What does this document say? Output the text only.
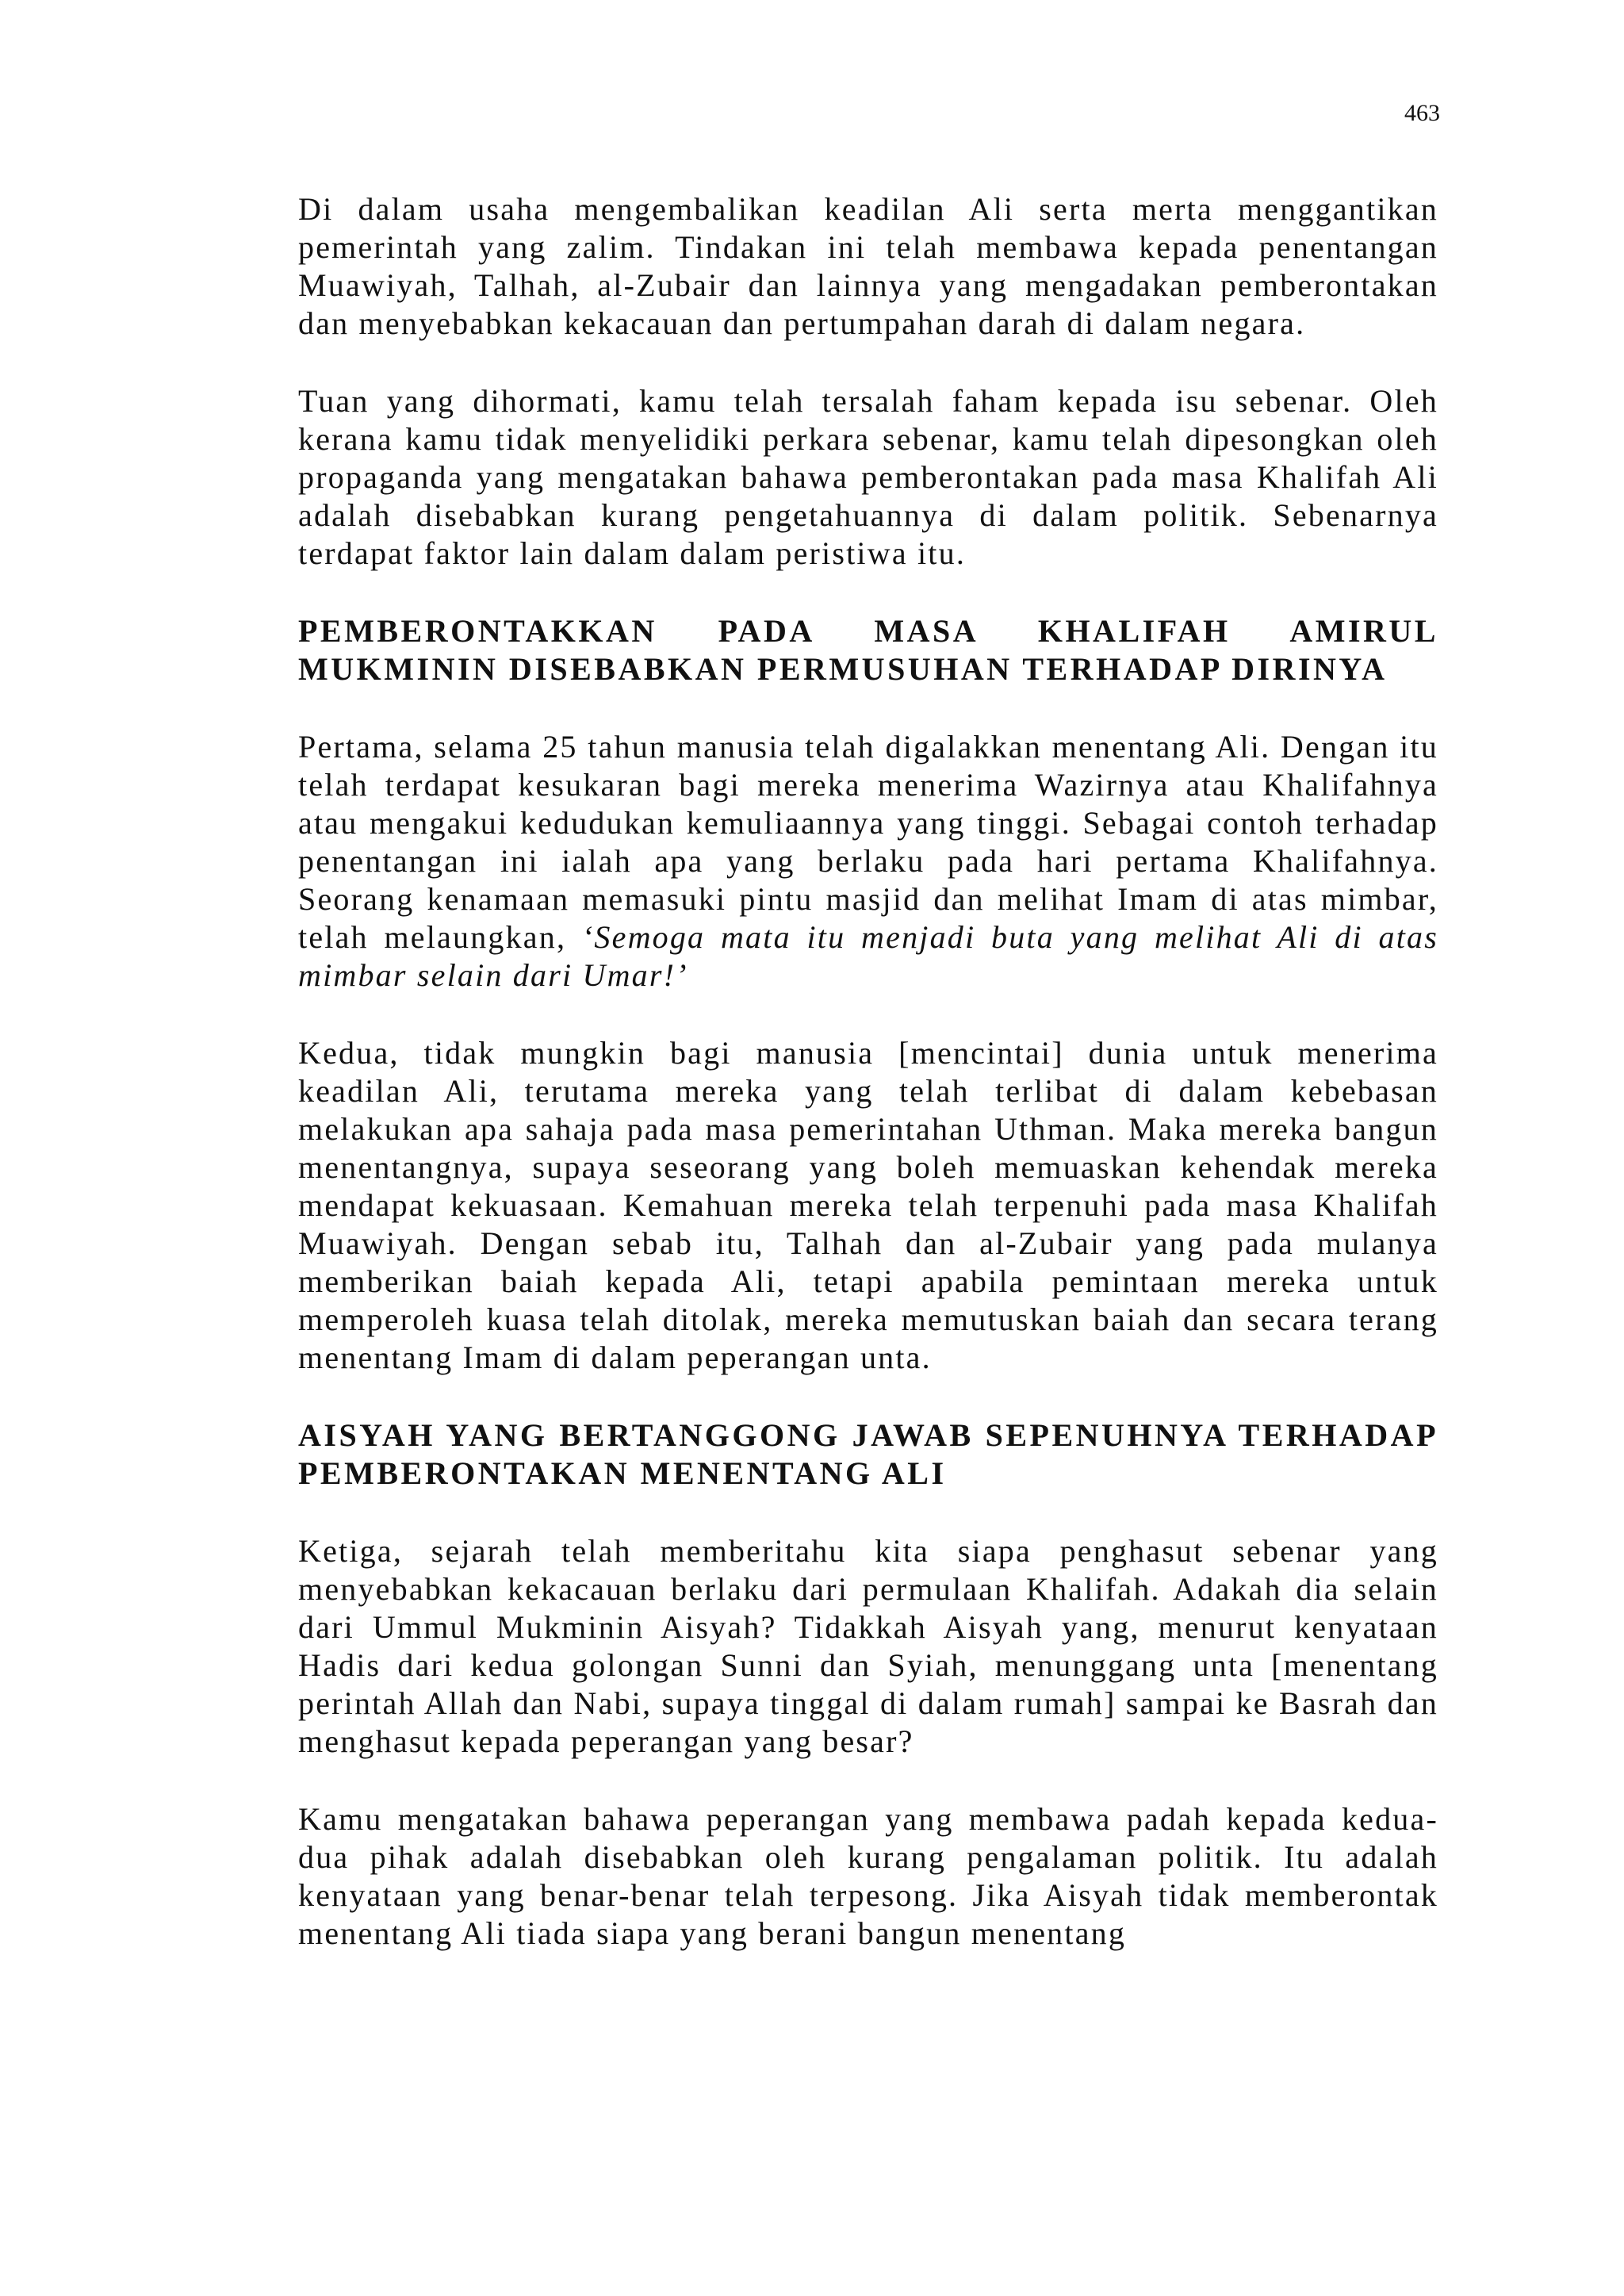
463

Di dalam usaha mengembalikan keadilan Ali serta merta menggantikan pemerintah yang zalim. Tindakan ini telah membawa kepada penentangan Muawiyah, Talhah, al-Zubair dan lainnya yang mengadakan pemberontakan dan menyebabkan kekacauan dan pertumpahan darah di dalam negara.

Tuan yang dihormati, kamu telah tersalah faham kepada isu sebenar. Oleh kerana kamu tidak menyelidiki perkara sebenar, kamu telah dipesongkan oleh propaganda yang mengatakan bahawa pemberontakan pada masa Khalifah Ali adalah disebabkan kurang pengetahuannya di dalam politik. Sebenarnya terdapat faktor lain dalam dalam peristiwa itu.

PEMBERONTAKKAN PADA MASA KHALIFAH AMIRUL MUKMININ DISEBABKAN PERMUSUHAN TERHADAP DIRINYA

Pertama, selama 25 tahun manusia telah digalakkan menentang Ali. Dengan itu telah terdapat kesukaran bagi mereka menerima Wazirnya atau Khalifahnya atau mengakui kedudukan kemuliaannya yang tinggi. Sebagai contoh terhadap penentangan ini ialah apa yang berlaku pada hari pertama Khalifahnya. Seorang kenamaan memasuki pintu masjid dan melihat Imam di atas mimbar, telah melaungkan, ‘Semoga mata itu menjadi buta yang melihat Ali di atas mimbar selain dari Umar!’

Kedua, tidak mungkin bagi manusia [mencintai] dunia untuk menerima keadilan Ali, terutama mereka yang telah terlibat di dalam kebebasan melakukan apa sahaja pada masa pemerintahan Uthman. Maka mereka bangun menentangnya, supaya seseorang yang boleh memuaskan kehendak mereka mendapat kekuasaan. Kemahuan mereka telah terpenuhi pada masa Khalifah Muawiyah. Dengan sebab itu, Talhah dan al-Zubair yang pada mulanya memberikan baiah kepada Ali, tetapi apabila pemintaan mereka untuk memperoleh kuasa telah ditolak, mereka memutuskan baiah dan secara terang menentang Imam di dalam peperangan unta.

AISYAH YANG BERTANGGONG JAWAB SEPENUHNYA TERHADAP PEMBERONTAKAN MENENTANG ALI

Ketiga, sejarah telah memberitahu kita siapa penghasut sebenar yang menyebabkan kekacauan berlaku dari permulaan Khalifah. Adakah dia selain dari Ummul Mukminin Aisyah? Tidakkah Aisyah yang, menurut kenyataan Hadis dari kedua golongan Sunni dan Syiah, menunggang unta [menentang perintah Allah dan Nabi, supaya tinggal di dalam rumah] sampai ke Basrah dan menghasut kepada peperangan yang besar?

Kamu mengatakan bahawa peperangan yang membawa padah kepada kedua-dua pihak adalah disebabkan oleh kurang pengalaman politik. Itu adalah kenyataan yang benar-benar telah terpesong. Jika Aisyah tidak memberontak menentang Ali tiada siapa yang berani bangun menentang
